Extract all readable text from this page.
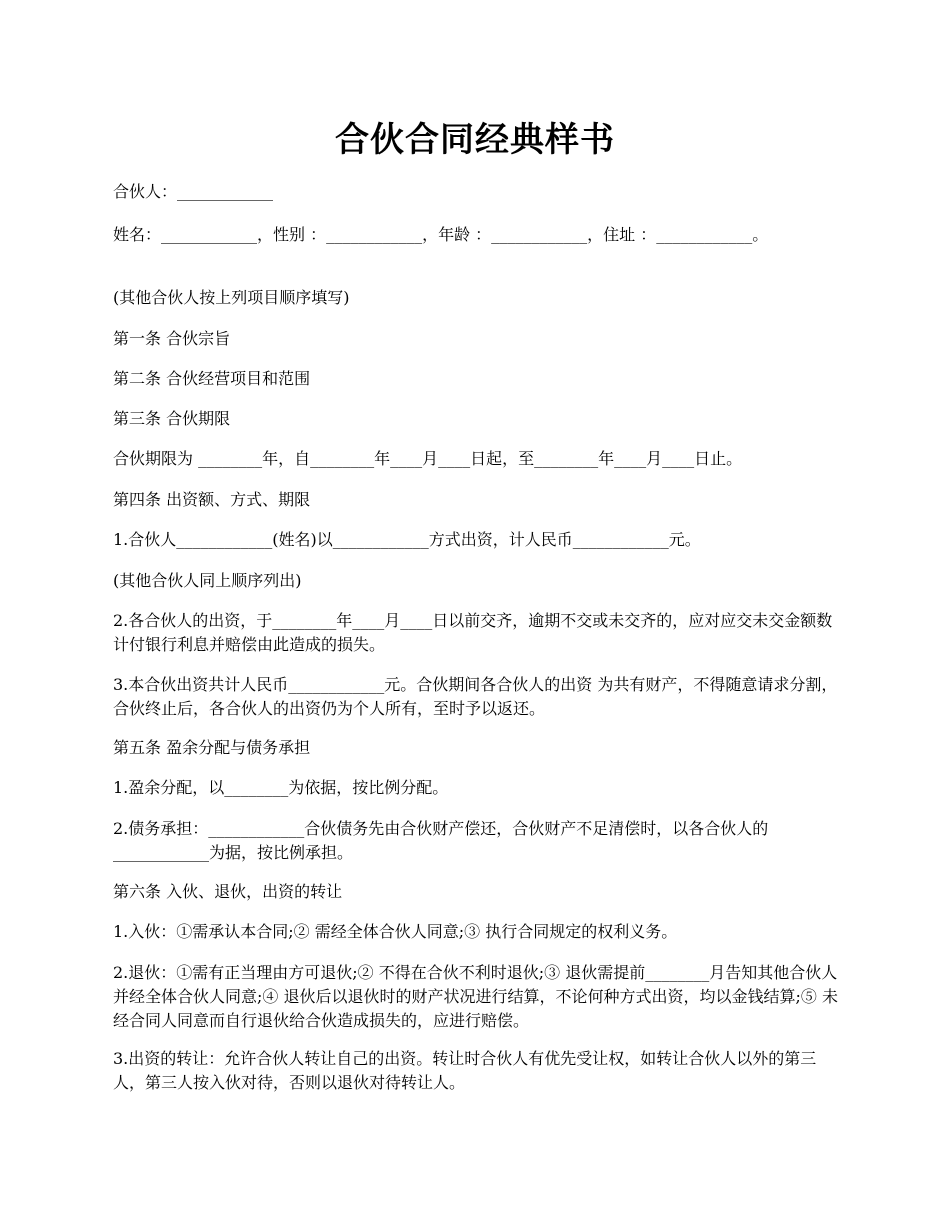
合伙合同经典样书
合伙人：____________
姓名：____________，性别 ：____________，年龄 ：____________，住址 ：____________。
(其他合伙人按上列项目顺序填写)
第一条 合伙宗旨
第二条 合伙经营项目和范围
第三条 合伙期限
合伙期限为 ________年，自________年____月____日起，至________年____月____日止。
第四条 出资额、方式、期限
1.合伙人____________(姓名)以____________方式出资，计人民币____________元。
(其他合伙人同上顺序列出)
2.各合伙人的出资，于________年____月____日以前交齐，逾期不交或未交齐的，应对应交未交金额数计付银行利息并赔偿由此造成的损失。
3.本合伙出资共计人民币____________元。合伙期间各合伙人的出资 为共有财产，不得随意请求分割，合伙终止后，各合伙人的出资仍为个人所有，至时予以返还。
第五条 盈余分配与债务承担
1.盈余分配，以________为依据，按比例分配。
2.债务承担：____________合伙债务先由合伙财产偿还，合伙财产不足清偿时，以各合伙人的____________为据，按比例承担。
第六条 入伙、退伙，出资的转让
1.入伙：①需承认本合同;② 需经全体合伙人同意;③ 执行合同规定的权利义务。
2.退伙：①需有正当理由方可退伙;② 不得在合伙不利时退伙;③ 退伙需提前________月告知其他合伙人并经全体合伙人同意;④ 退伙后以退伙时的财产状况进行结算，不论何种方式出资，均以金钱结算;⑤ 未经合同人同意而自行退伙给合伙造成损失的，应进行赔偿。
3.出资的转让：允许合伙人转让自己的出资。转让时合伙人有优先受让权，如转让合伙人以外的第三人，第三人按入伙对待，否则以退伙对待转让人。
